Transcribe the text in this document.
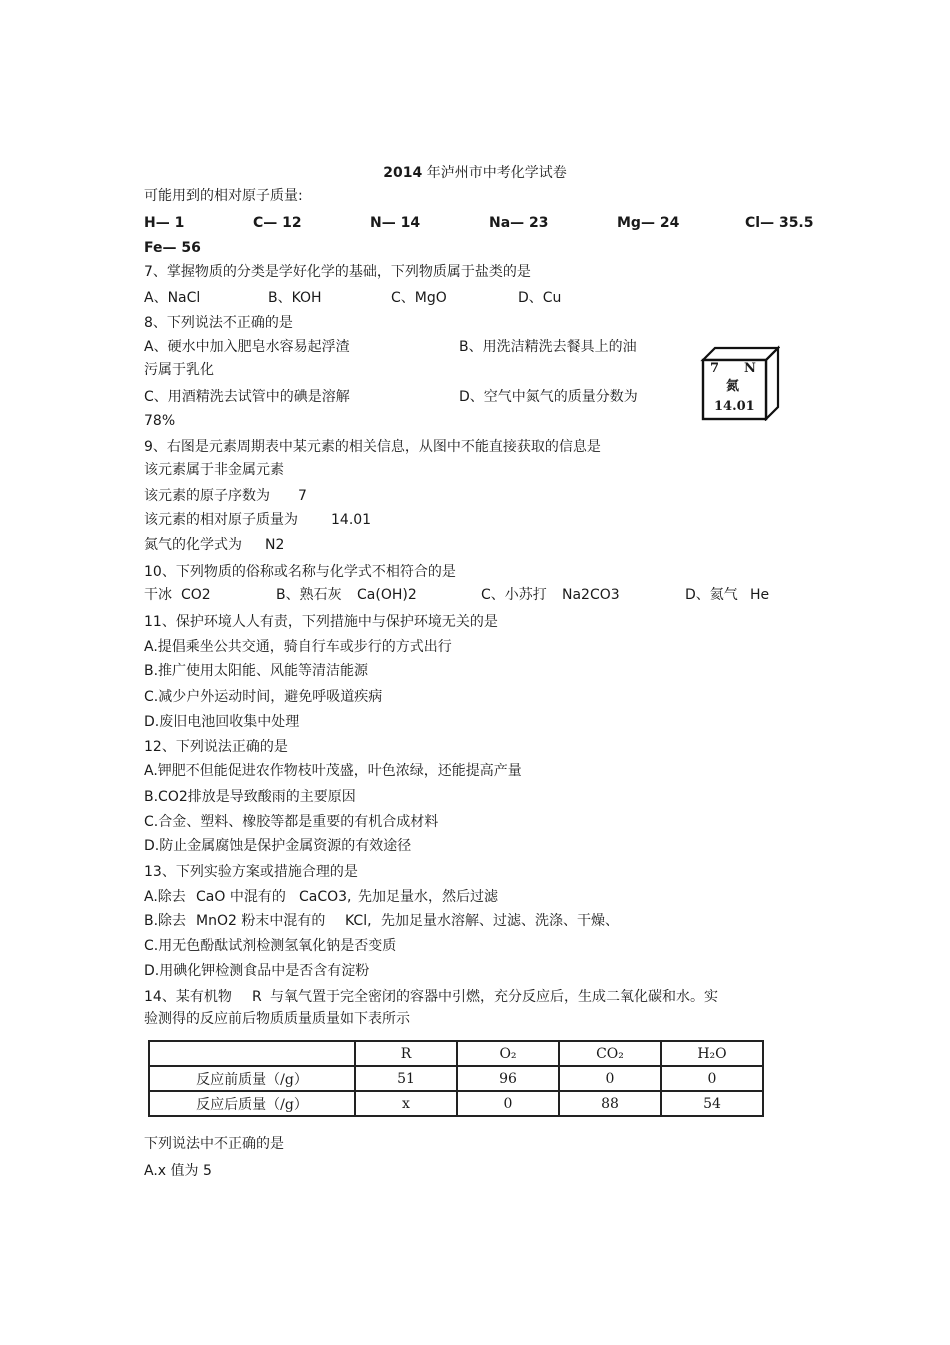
2014 年泸州市中考化学试卷
可能用到的相对原子质量:
H— 1	C— 12	N— 14	Na— 23	Mg— 24	Cl— 35.5
Fe— 56
7、掌握物质的分类是学好化学的基础，下列物质属于盐类的是
A、NaCl	B、KOH	C、MgO	D、Cu
8、下列说法不正确的是
A、硬水中加入肥皂水容易起浮渣	B、用洗洁精洗去餐具上的油
污属于乳化
C、用酒精洗去试管中的碘是溶解	D、空气中氮气的质量分数为
78%
7 N
氮
14.01
9、右图是元素周期表中某元素的相关信息，从图中不能直接获取的信息是
该元素属于非金属元素
该元素的原子序数为 7
该元素的相对原子质量为 14.01
氮气的化学式为 N2
10、下列物质的俗称或名称与化学式不相符合的是
干冰 CO2	B、熟石灰 Ca(OH)2	C、小苏打 Na2CO3	D、氦气 He
11、保护环境人人有责，下列措施中与保护环境无关的是
A.提倡乘坐公共交通，骑自行车或步行的方式出行
B.推广使用太阳能、风能等清洁能源
C.减少户外运动时间，避免呼吸道疾病
D.废旧电池回收集中处理
12、下列说法正确的是
A.钾肥不但能促进农作物枝叶茂盛，叶色浓绿，还能提高产量
B.CO2排放是导致酸雨的主要原因
C.合金、塑料、橡胶等都是重要的有机合成材料
D.防止金属腐蚀是保护金属资源的有效途径
13、下列实验方案或措施合理的是
A.除去 CaO 中混有的 CaCO3, 先加足量水，然后过滤
B.除去 MnO2 粉末中混有的 KCl, 先加足量水溶解、过滤、洗涤、干燥、
C.用无色酚酞试剂检测氢氧化钠是否变质
D.用碘化钾检测食品中是否含有淀粉
14、某有机物 R 与氧气置于完全密闭的容器中引燃，充分反应后，生成二氧化碳和水。实
验测得的反应前后物质质量质量如下表所示
	R	O₂	CO₂	H₂O
反应前质量（/g）	51	96	0	0
反应后质量（/g）	x	0	88	54
下列说法中不正确的是
A.x 值为 5
